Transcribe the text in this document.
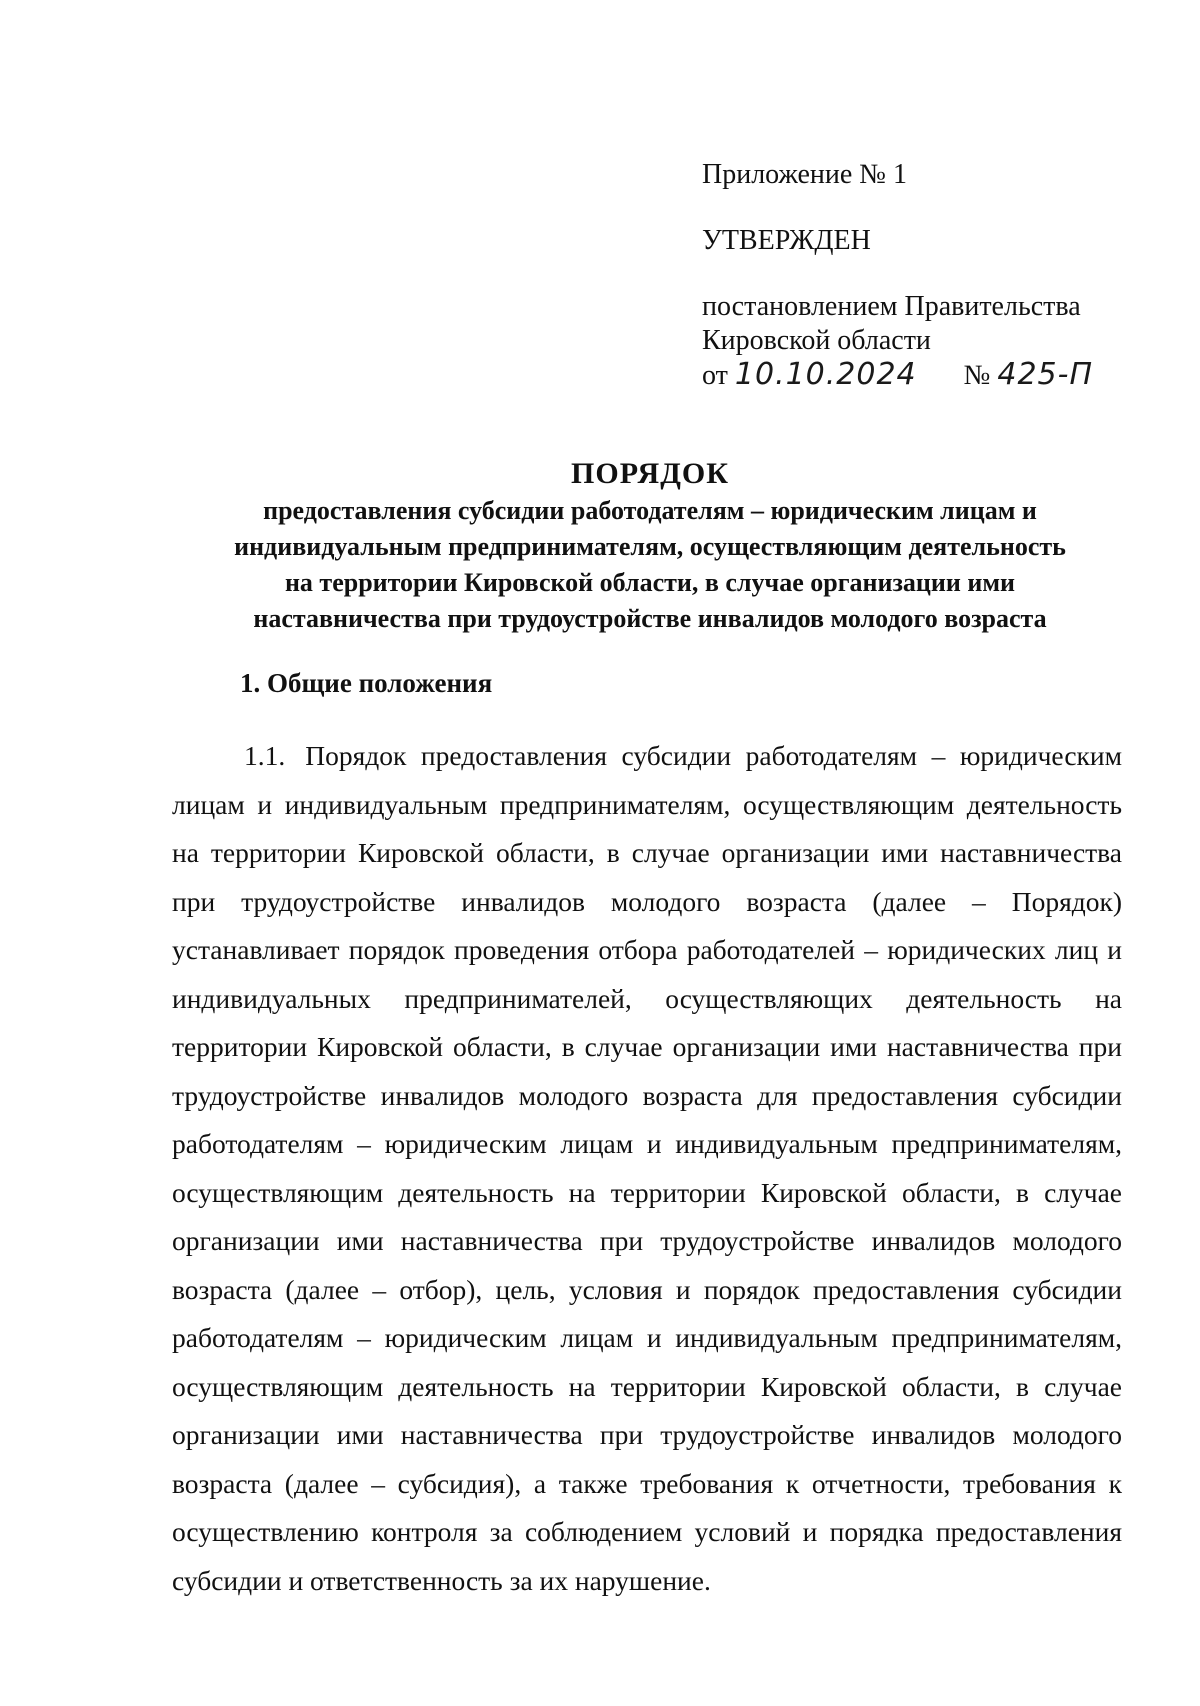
Приложение № 1
УТВЕРЖДЕН
постановлением Правительства
Кировской области
от 10.10.2024 № 425-П
ПОРЯДОК
предоставления субсидии работодателям – юридическим лицам и
индивидуальным предпринимателям, осуществляющим деятельность
на территории Кировской области, в случае организации ими
наставничества при трудоустройстве инвалидов молодого возраста
1. Общие положения

1.1. Порядок предоставления субсидии работодателям – юридическим лицам и индивидуальным предпринимателям, осуществляющим деятельность на территории Кировской области, в случае организации ими наставничества при трудоустройстве инвалидов молодого возраста (далее – Порядок) устанавливает порядок проведения отбора работодателей – юридических лиц и индивидуальных предпринимателей, осуществляющих деятельность на территории Кировской области, в случае организации ими наставничества при трудоустройстве инвалидов молодого возраста для предоставления субсидии работодателям – юридическим лицам и индивидуальным предпринимателям, осуществляющим деятельность на территории Кировской области, в случае организации ими наставничества при трудоустройстве инвалидов молодого возраста (далее – отбор), цель, условия и порядок предоставления субсидии работодателям – юридическим лицам и индивидуальным предпринимателям, осуществляющим деятельность на территории Кировской области, в случае организации ими наставничества при трудоустройстве инвалидов молодого возраста (далее – субсидия), а также требования к отчетности, требования к осуществлению контроля за соблюдением условий и порядка предоставления субсидии и ответственность за их нарушение.
